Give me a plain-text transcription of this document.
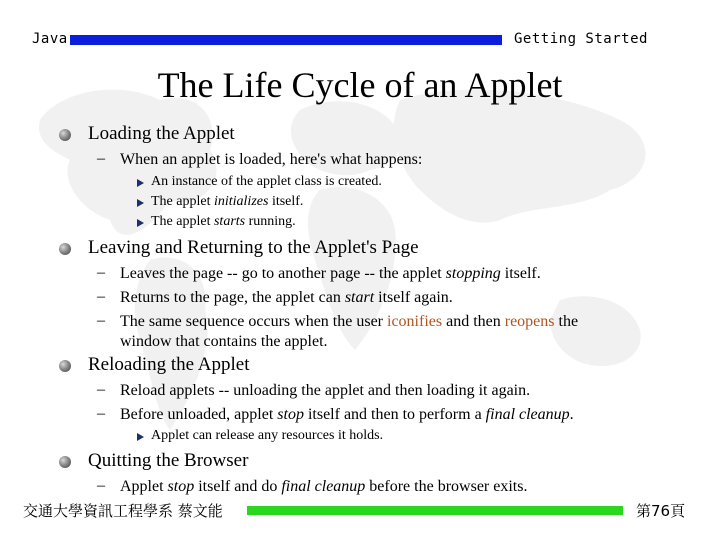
Java	Getting Started
The Life Cycle of an Applet
Loading the Applet
– When an applet is loaded, here's what happens:
An instance of the applet class is created.
The applet initializes itself.
The applet starts running.
Leaving and Returning to the Applet's Page
– Leaves the page -- go to another page -- the applet stopping itself.
– Returns to the page, the applet can start itself again.
– The same sequence occurs when the user iconifies and then reopens the
window that contains the applet.
Reloading the Applet
– Reload applets -- unloading the applet and then loading it again.
– Before unloaded, applet stop itself and then to perform a final cleanup.
Applet can release any resources it holds.
Quitting the Browser
– Applet stop itself and do final cleanup before the browser exits.
交通大學資訊工程學系 蔡文能	第76頁
